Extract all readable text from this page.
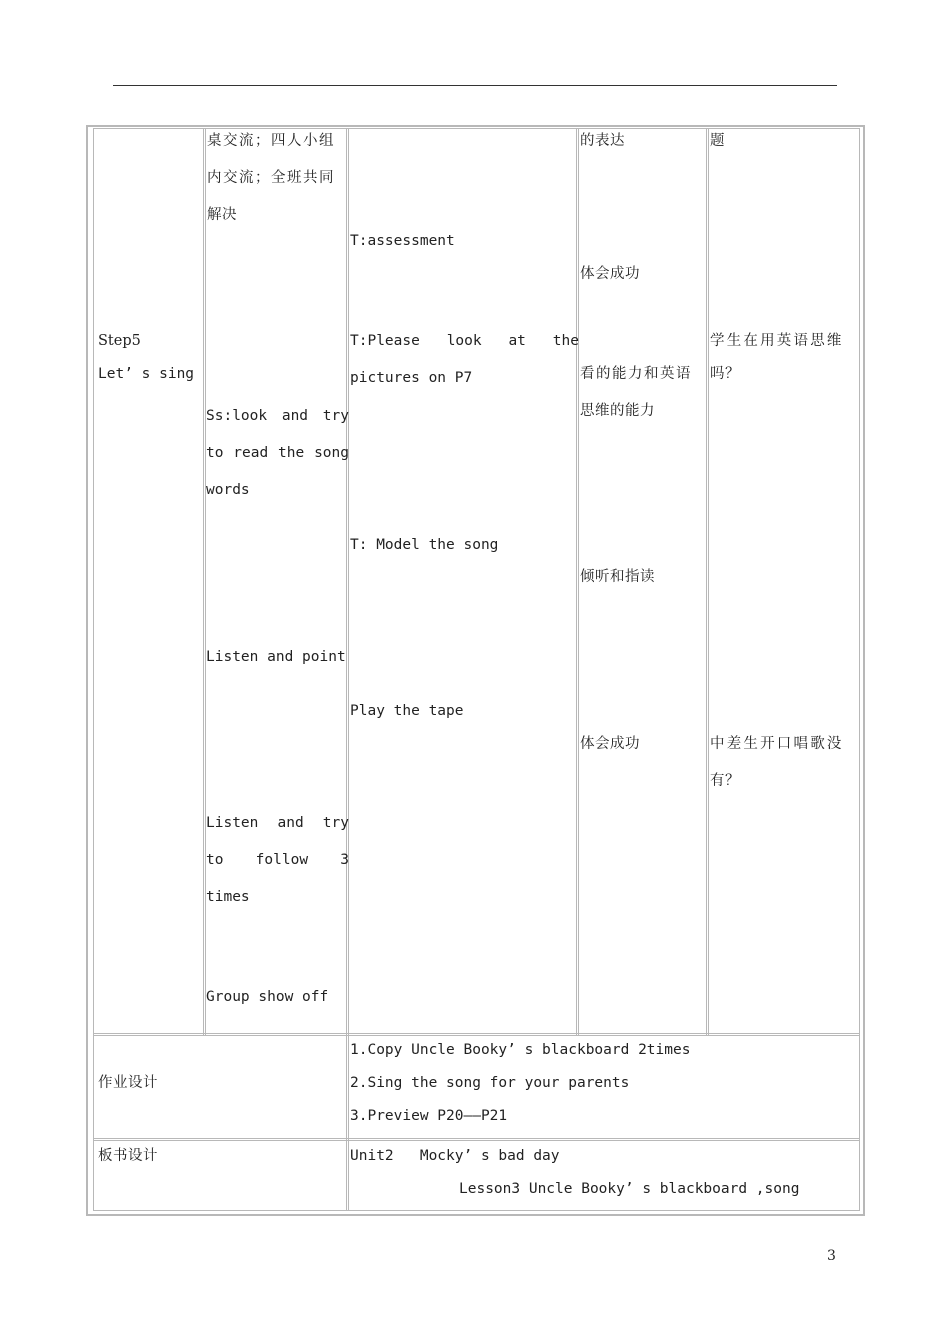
Step5
Let’ s sing
桌交流；四人小组
内交流；全班共同
解决
Ss:look and try
to read the song
words
Listen and point
Listen and try
to follow 3
times
Group show off
T:assessment
T:Please look at the
pictures on P7
T: Model the song
Play the tape
的表达
体会成功
看的能力和英语
思维的能力
倾听和指读
体会成功
题
学生在用英语思维
吗？
中差生开口唱歌没
有？
作业设计
1.Copy Uncle Booky’ s blackboard 2times
2.Sing the song for your parents
3.Preview P20——P21
板书设计	Unit2   Mocky’ s bad day
Lesson3 Uncle Booky’ s blackboard ,song
3
